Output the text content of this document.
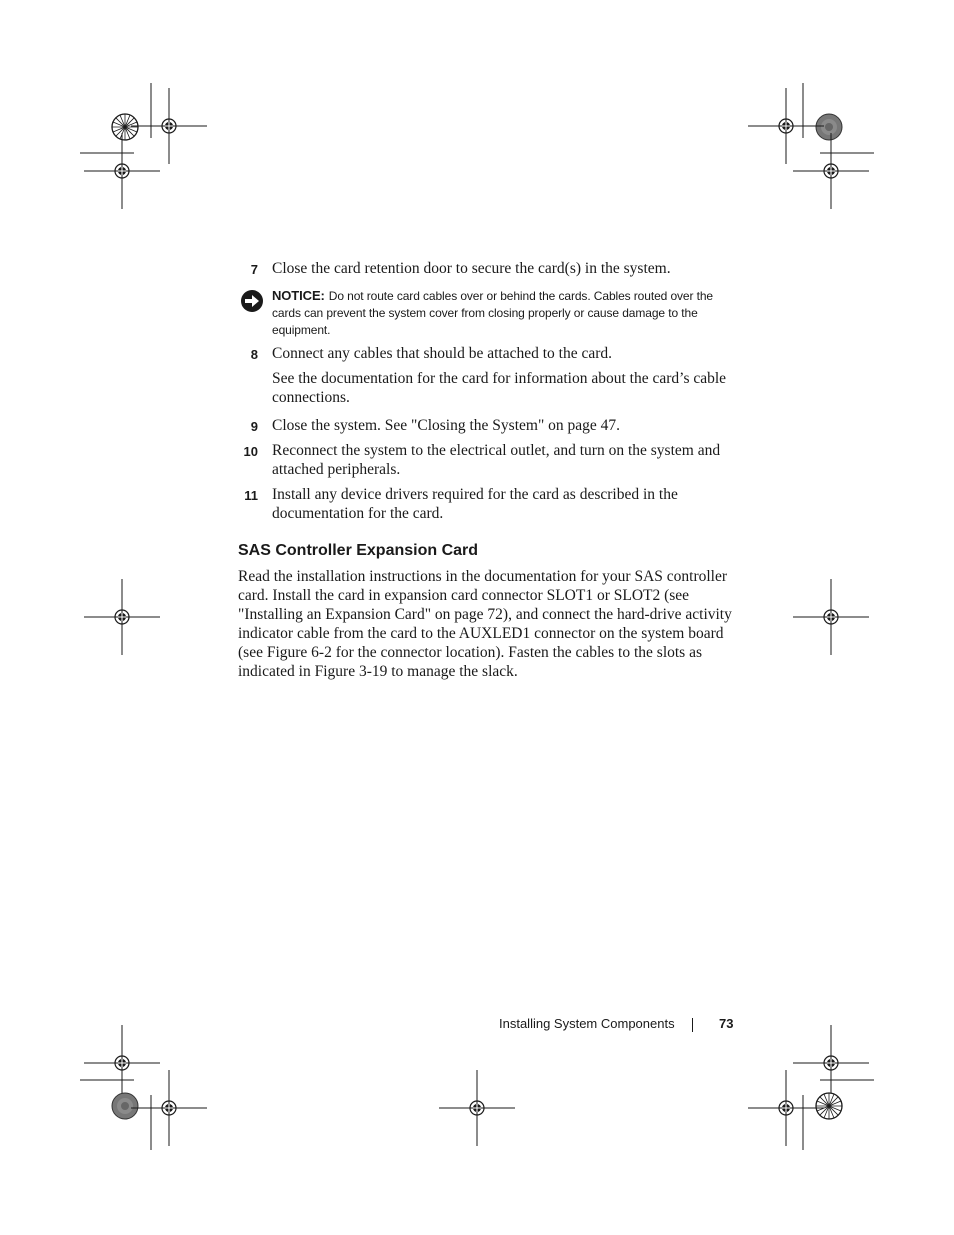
7 Close the card retention door to secure the card(s) in the system.
NOTICE: Do not route card cables over or behind the cards. Cables routed over the cards can prevent the system cover from closing properly or cause damage to the equipment.
8 Connect any cables that should be attached to the card.
See the documentation for the card for information about the card’s cable connections.
9 Close the system. See "Closing the System" on page 47.
10 Reconnect the system to the electrical outlet, and turn on the system and attached peripherals.
11 Install any device drivers required for the card as described in the documentation for the card.
SAS Controller Expansion Card

Read the installation instructions in the documentation for your SAS controller card. Install the card in expansion card connector SLOT1 or SLOT2 (see "Installing an Expansion Card" on page 72), and connect the hard-drive activity indicator cable from the card to the AUXLED1 connector on the system board (see Figure 6-2 for the connector location). Fasten the cables to the slots as indicated in Figure 3-19 to manage the slack.

Installing System Components	73
